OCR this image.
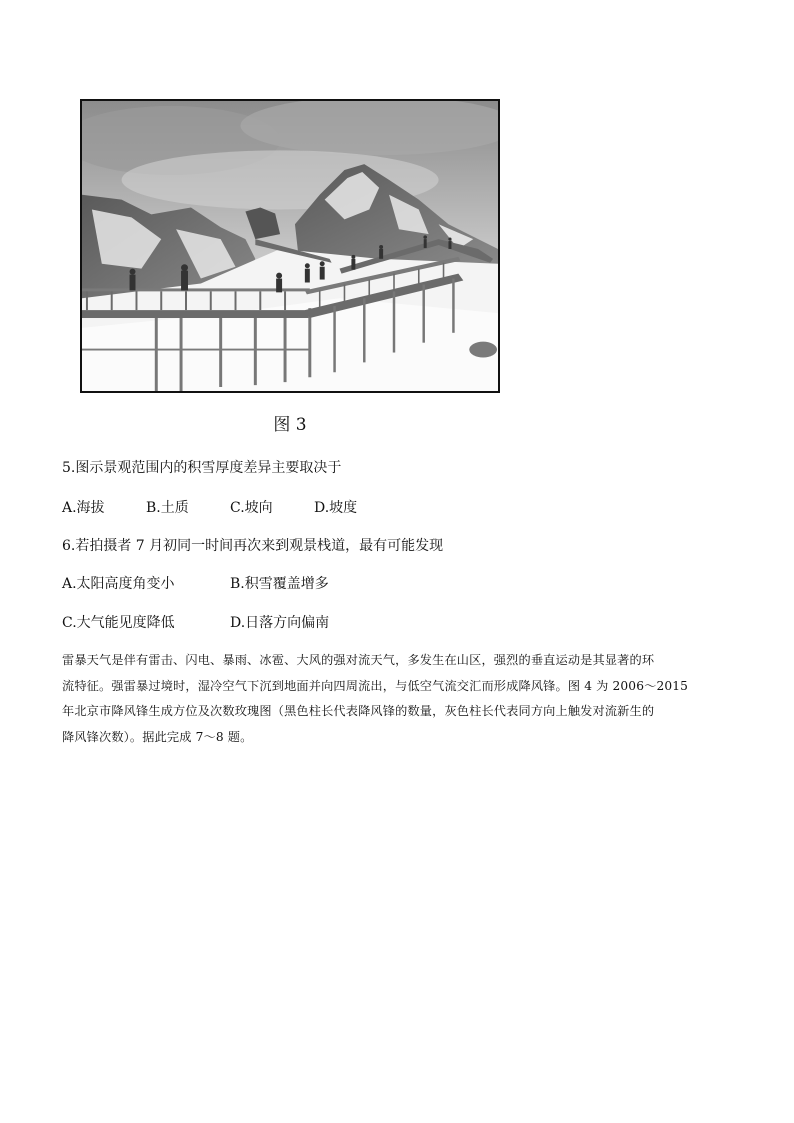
图 3
5.图示景观范围内的积雪厚度差异主要取决于
A.海拔	B.土质	C.坡向	D.坡度
6.若拍摄者 7 月初同一时间再次来到观景栈道，最有可能发现
A.太阳高度角变小	B.积雪覆盖增多
C.大气能见度降低	D.日落方向偏南
雷暴天气是伴有雷击、闪电、暴雨、冰雹、大风的强对流天气，多发生在山区，强烈的垂直运动是其显著的环
流特征。强雷暴过境时，湿冷空气下沉到地面并向四周流出，与低空气流交汇而形成降风锋。图 4 为 2006～2015
年北京市降风锋生成方位及次数玫瑰图（黑色柱长代表降风锋的数量，灰色柱长代表同方向上触发对流新生的
降风锋次数）。据此完成 7～8 题。
